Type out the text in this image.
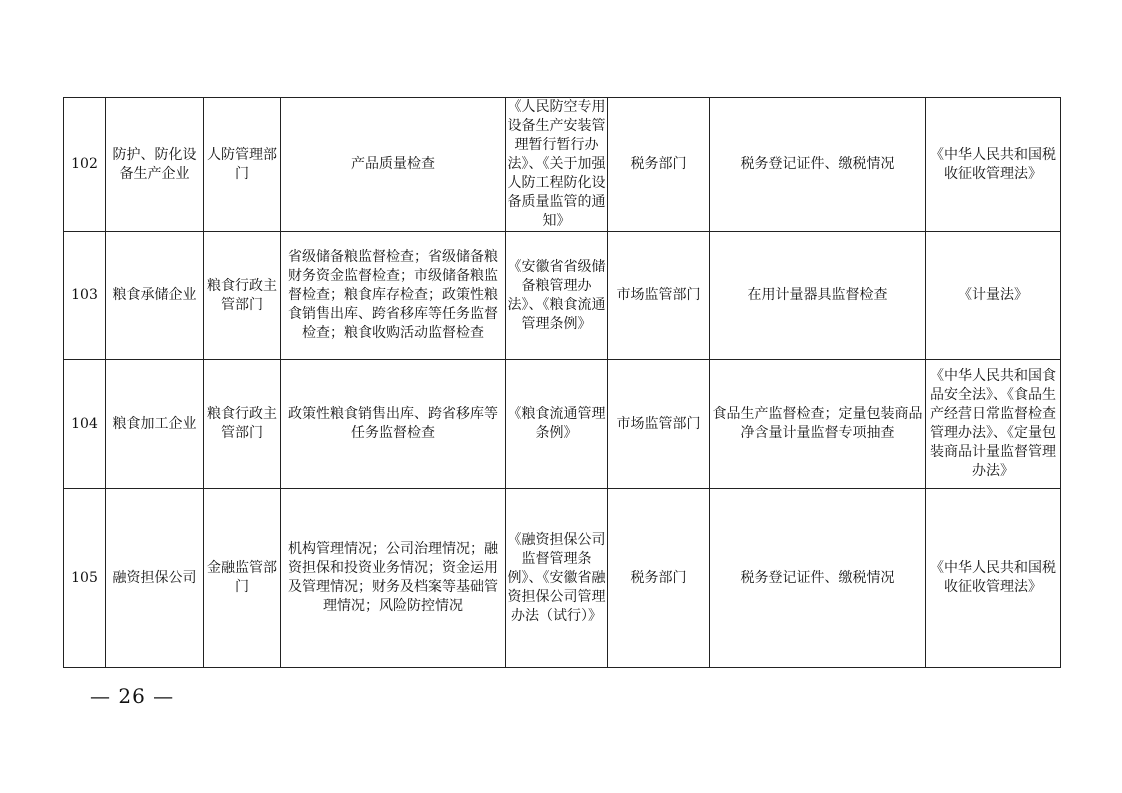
102	防护、防化设备生产企业	人防管理部门	产品质量检查	《人民防空专用设备生产安装管理暂行暂行办法》、《关于加强人防工程防化设备质量监管的通知》	税务部门	税务登记证件、缴税情况	《中华人民共和国税收征收管理法》
103	粮食承储企业	粮食行政主管部门	省级储备粮监督检查；省级储备粮财务资金监督检查；市级储备粮监督检查；粮食库存检查；政策性粮食销售出库、跨省移库等任务监督检查；粮食收购活动监督检查	《安徽省省级储备粮管理办法》、《粮食流通管理条例》	市场监管部门	在用计量器具监督检查	《计量法》
104	粮食加工企业	粮食行政主管部门	政策性粮食销售出库、跨省移库等任务监督检查	《粮食流通管理条例》	市场监管部门	食品生产监督检查；定量包装商品净含量计量监督专项抽查	《中华人民共和国食品安全法》、《食品生产经营日常监督检查管理办法》、《定量包装商品计量监督管理办法》
105	融资担保公司	金融监管部门	机构管理情况；公司治理情况；融资担保和投资业务情况；资金运用及管理情况；财务及档案等基础管理情况；风险防控情况	《融资担保公司监督管理条例》、《安徽省融资担保公司管理办法（试行）》	税务部门	税务登记证件、缴税情况	《中华人民共和国税收征收管理法》
— 26 —
